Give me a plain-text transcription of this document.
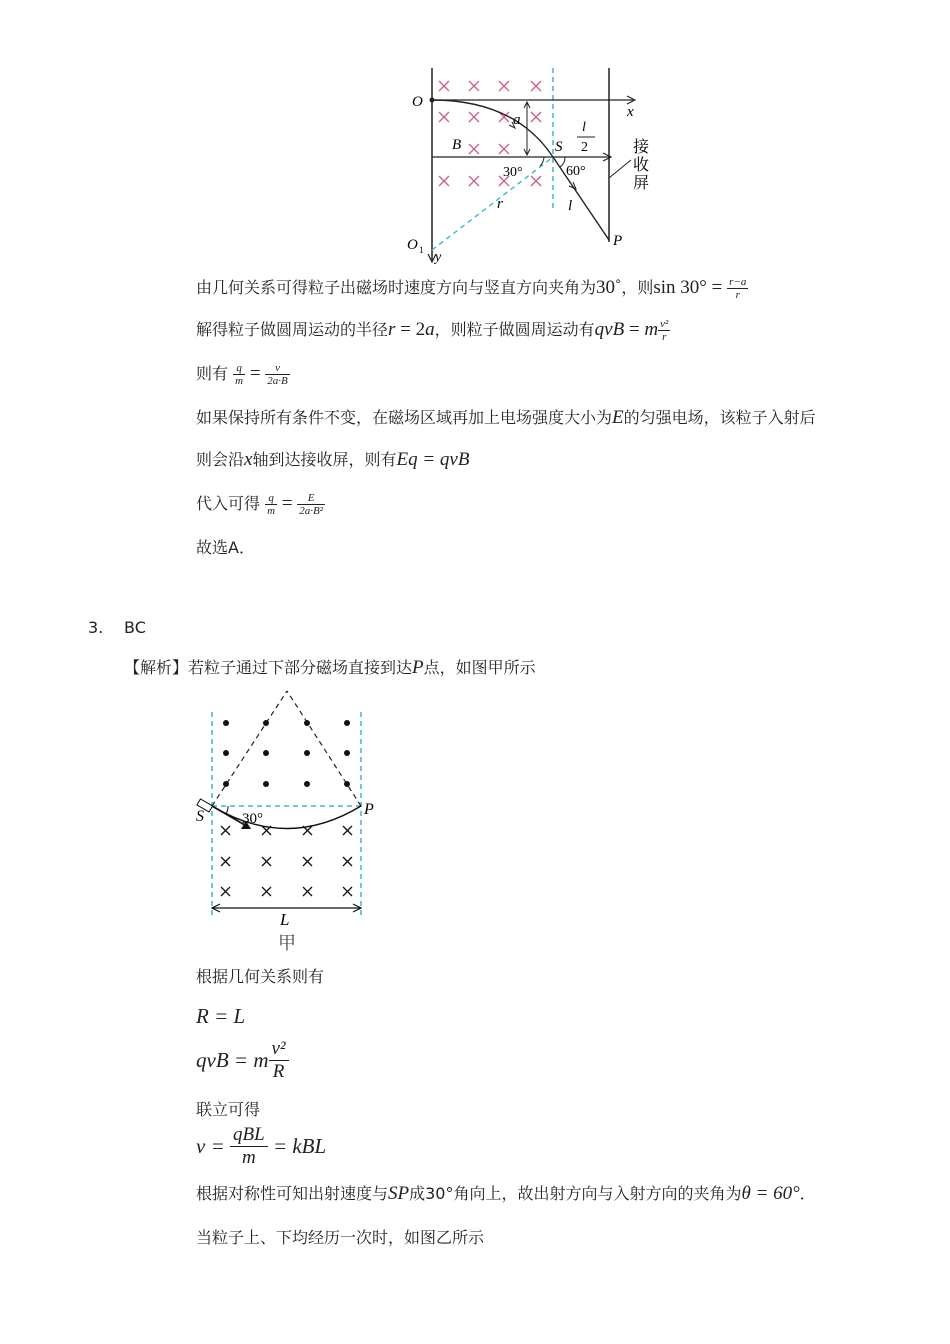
O
x
a
B	S
l
2
30°	60°
r	l
O 1 y
P
接
收
屏
由几何关系可得粒子出磁场时速度方向与竖直方向夹角为30˚，则$\sin 30^\circ = \frac{r-a}{r}$
解得粒子做圆周运动的半径r = 2a，则粒子做圆周运动有qvB = m $\frac{\text{v²}}{r}$
则有 $\frac{q}{m} = \frac{v}{2a\cdot B}$
如果保持所有条件不变，在磁场区域再加上电场强度大小为E的匀强电场，该粒子入射后
则会沿x轴到达接收屏，则有Eq = qvB
代入可得 $\frac{q}{m} = \frac{E}{\text{2a·B²}}$
故选A．
3. BC
【解析】若粒子通过下部分磁场直接到达P点，如图甲所示
S	P
30°
L
甲
根据几何关系则有
R = L
qvB = m $\frac{\text{v²}}{R}$
联立可得
$v = \frac{\text{qBL}}{m}$ = kBL
根据对称性可知出射速度与SP成30°角向上，故出射方向与入射方向的夹角为θ = 60°．
当粒子上、下均经历一次时，如图乙所示
